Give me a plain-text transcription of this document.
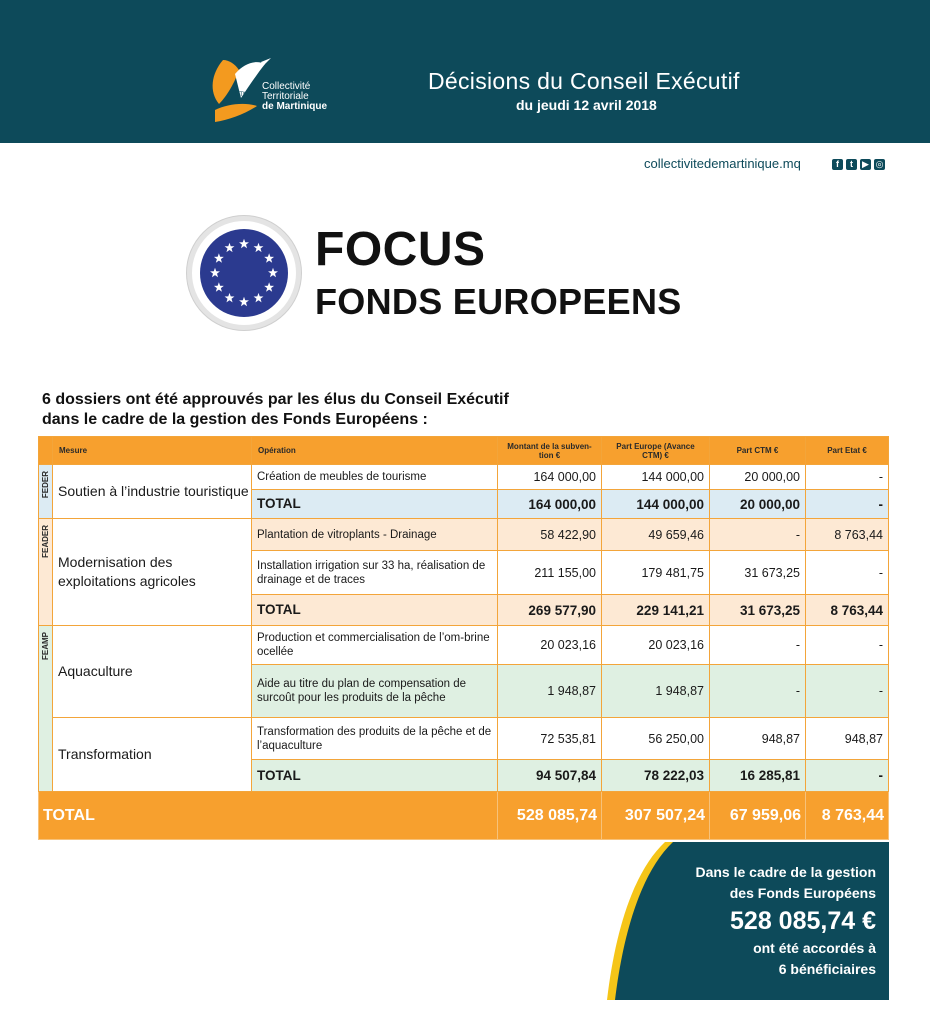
CTM
Collectivité
Territoriale
de Martinique
Décisions du Conseil Exécutif
du jeudi 12 avril 2018
collectivitedemartinique.mq	f	t	▶ ◎
FOCUS
FONDS EUROPEENS
6 dossiers ont été approuvés par les élus du Conseil Exécutif
dans le cadre de la gestion des Fonds Européens :
	Mesure	Opération	Montant de la subven-tion €	Part Europe (Avance CTM) €	Part CTM €	Part Etat €

FEDER	Soutien à l’industrie touristique	Création de meubles de tourisme	164 000,00	144 000,00	20 000,00	-
		TOTAL	164 000,00	144 000,00	20 000,00	-

FEADER	Modernisation des exploitations agricoles	Plantation de vitroplants - Drainage	58 422,90	49 659,46	-	8 763,44
		Installation irrigation sur 33 ha, réalisation de drainage et de traces	211 155,00	179 481,75	31 673,25	-
		TOTAL	269 577,90	229 141,21	31 673,25	8 763,44

FEAMP	Aquaculture	Production et commercialisation de l’om-brine ocellée	20 023,16	20 023,16	-	-
		Aide au titre du plan de compensation de surcoût pour les produits de la pêche	1 948,87	1 948,87	-	-
	Transformation	Transformation des produits de la pêche et de l’aquaculture	72 535,81	56 250,00	948,87	948,87
		TOTAL	94 507,84	78 222,03	16 285,81	-
TOTAL			528 085,74	307 507,24	67 959,06	8 763,44
Dans le cadre de la gestion
des Fonds Européens
528 085,74 €
ont été accordés à
6 bénéficiaires
